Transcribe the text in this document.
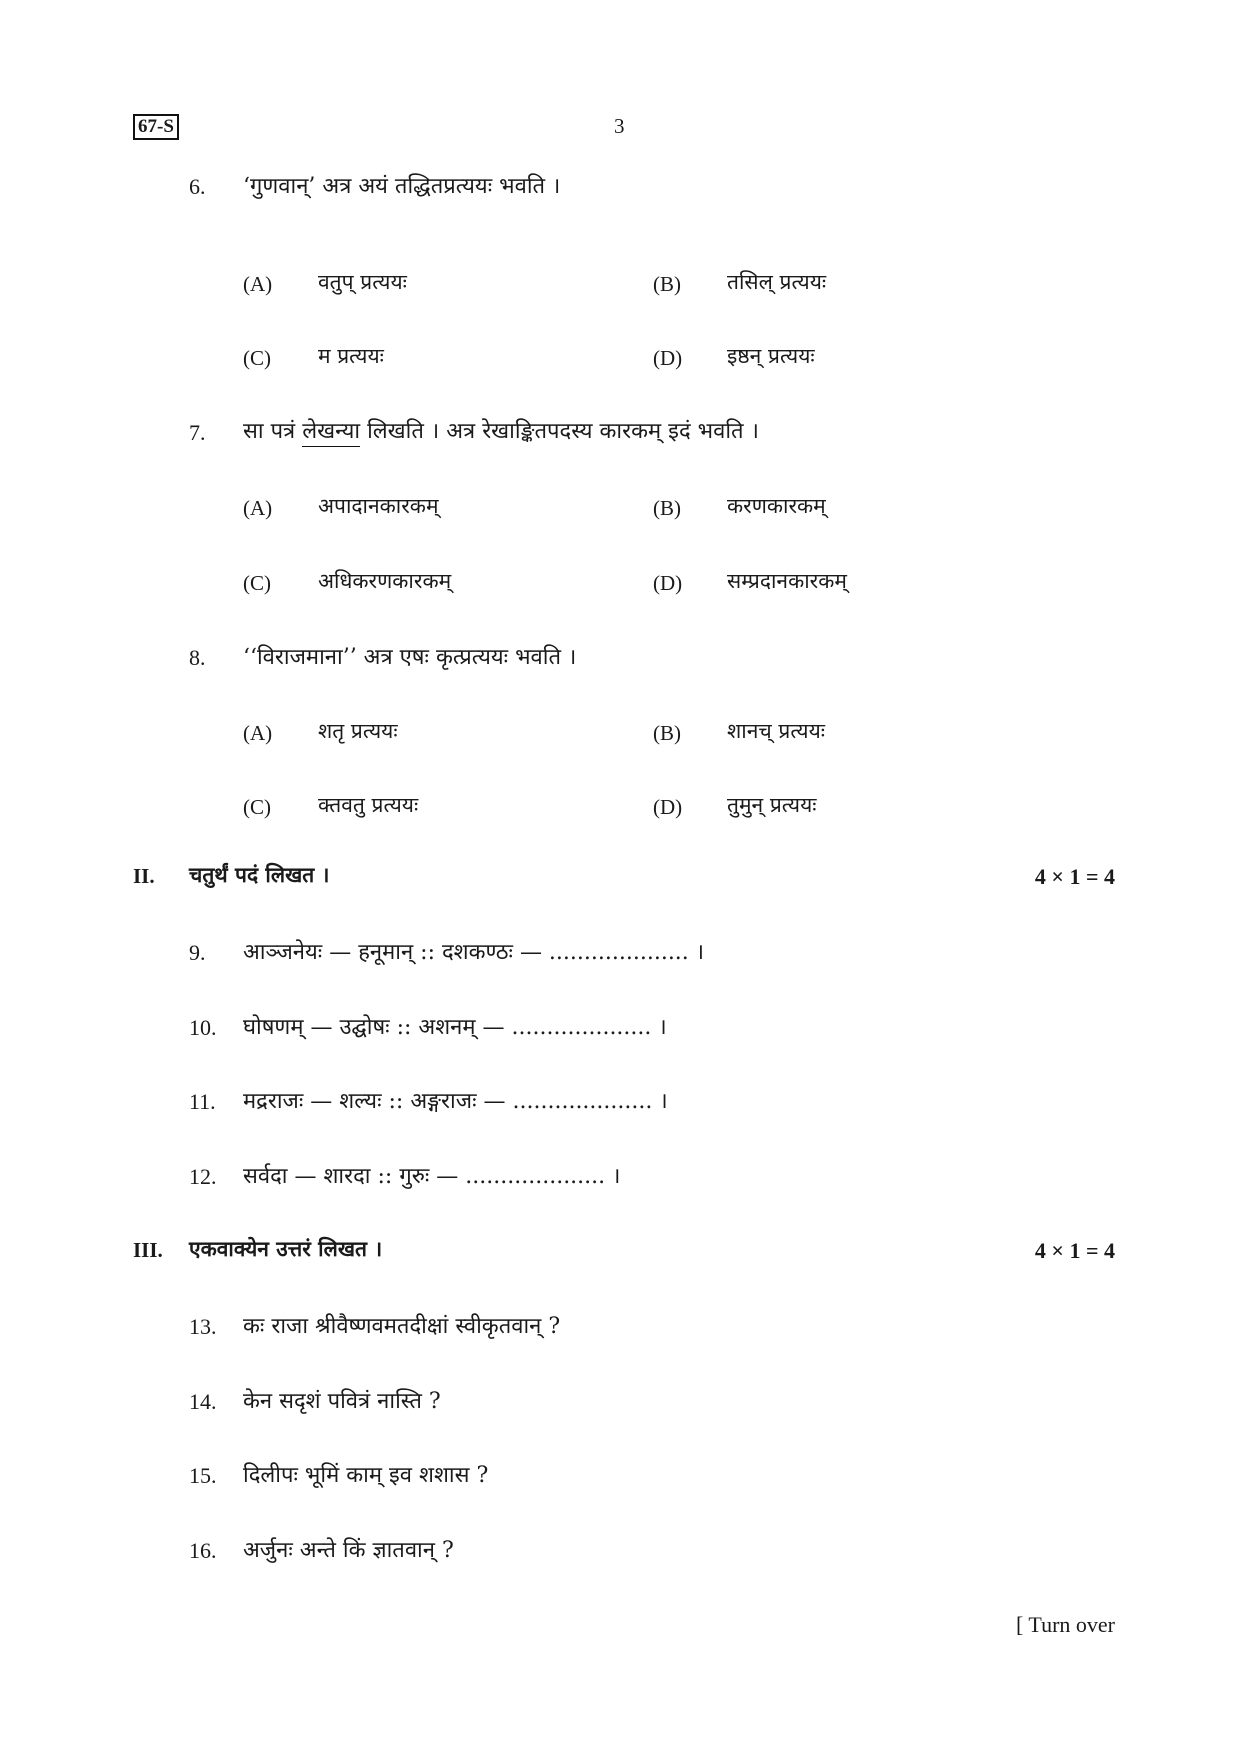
67-S	3
6. ‘गुणवान्’ अत्र अयं तद्धितप्रत्ययः भवति ।
(A) वतुप् प्रत्ययः	(B) तसिल् प्रत्ययः
(C) म प्रत्ययः	(D) इष्ठन् प्रत्ययः
7. सा पत्रं लेखन्या लिखति । अत्र रेखाङ्कितपदस्य कारकम् इदं भवति ।
(A) अपादानकारकम्	(B) करणकारकम्
(C) अधिकरणकारकम्	(D) सम्प्रदानकारकम्
8. ‘‘विराजमाना’’ अत्र एषः कृत्प्रत्ययः भवति ।
(A) शतृ प्रत्ययः	(B) शानच् प्रत्ययः
(C) क्तवतु प्रत्ययः	(D) तुमुन् प्रत्ययः
II. चतुर्थं पदं लिखत ।	4 × 1 = 4
9. आञ्जनेयः — हनूमान् :: दशकण्ठः — .................... ।
10. घोषणम् — उद्घोषः :: अशनम् — .................... ।
11. मद्रराजः — शल्यः :: अङ्गराजः — .................... ।
12. सर्वदा — शारदा :: गुरुः — .................... ।
III. एकवाक्येन उत्तरं लिखत ।	4 × 1 = 4
13. कः राजा श्रीवैष्णवमतदीक्षां स्वीकृतवान् ?
14. केन सदृशं पवित्रं नास्ति ?
15. दिलीपः भूमिं काम् इव शशास ?
16. अर्जुनः अन्ते किं ज्ञातवान् ?
[ Turn over
